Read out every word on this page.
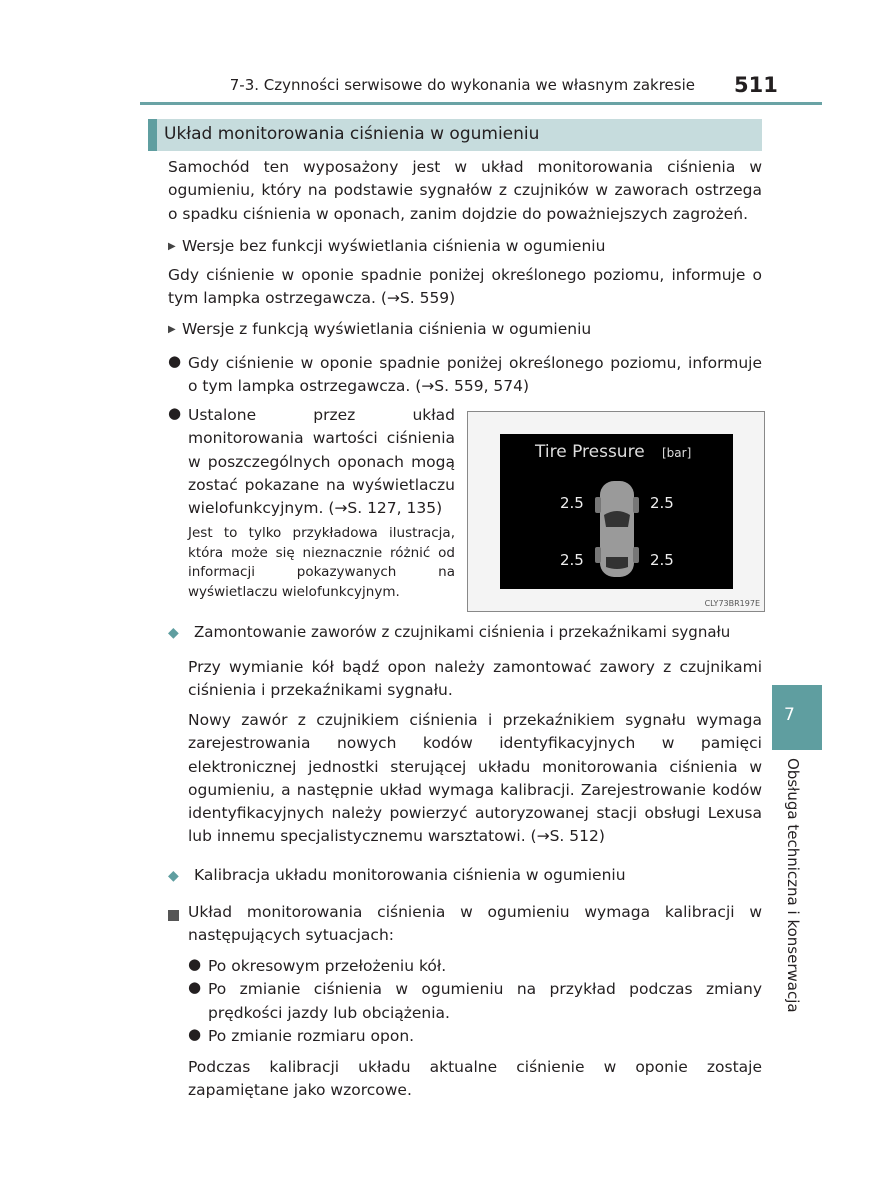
7-3. Czynności serwisowe do wykonania we własnym zakresie 511
Układ monitorowania ciśnienia w ogumieniu
Samochód ten wyposażony jest w układ monitorowania ciśnienia w ogumieniu, który na podstawie sygnałów z czujników w zaworach ostrzega o spadku ciśnienia w oponach, zanim dojdzie do poważniejszych zagrożeń.
▶ Wersje bez funkcji wyświetlania ciśnienia w ogumieniu
Gdy ciśnienie w oponie spadnie poniżej określonego poziomu, informuje o tym lampka ostrzegawcza. (→S. 559)
▶ Wersje z funkcją wyświetlania ciśnienia w ogumieniu
● Gdy ciśnienie w oponie spadnie poniżej określonego poziomu, informuje o tym lampka ostrzegawcza. (→S. 559, 574)
● Ustalone przez układ monitorowania wartości ciśnienia w poszczególnych oponach mogą zostać pokazane na wyświetlaczu wielofunkcyjnym. (→S. 127, 135)
Jest to tylko przykładowa ilustracja, która może się nieznacznie różnić od informacji pokazywanych na wyświetlaczu wielofunkcyjnym.
Tire Pressure [bar]
2.5	2.5
2.5	2.5
CLY73BR197E
◆ Zamontowanie zaworów z czujnikami ciśnienia i przekaźnikami sygnału
Przy wymianie kół bądź opon należy zamontować zawory z czujnikami ciśnienia i przekaźnikami sygnału.
Nowy zawór z czujnikiem ciśnienia i przekaźnikiem sygnału wymaga zarejestrowania nowych kodów identyfikacyjnych w pamięci elektronicznej jednostki sterującej układu monitorowania ciśnienia w ogumieniu, a następnie układ wymaga kalibracji. Zarejestrowanie kodów identyfikacyjnych należy powierzyć autoryzowanej stacji obsługi Lexusa lub innemu specjalistycznemu warsztatowi. (→S. 512)
◆ Kalibracja układu monitorowania ciśnienia w ogumieniu
Układ monitorowania ciśnienia w ogumieniu wymaga kalibracji w następujących sytuacjach:
● Po okresowym przełożeniu kół.
● Po zmianie ciśnienia w ogumieniu na przykład podczas zmiany prędkości jazdy lub obciążenia.
● Po zmianie rozmiaru opon.
Podczas kalibracji układu aktualne ciśnienie w oponie zostaje zapamiętane jako wzorcowe.
7
Obsługa techniczna i konserwacja
